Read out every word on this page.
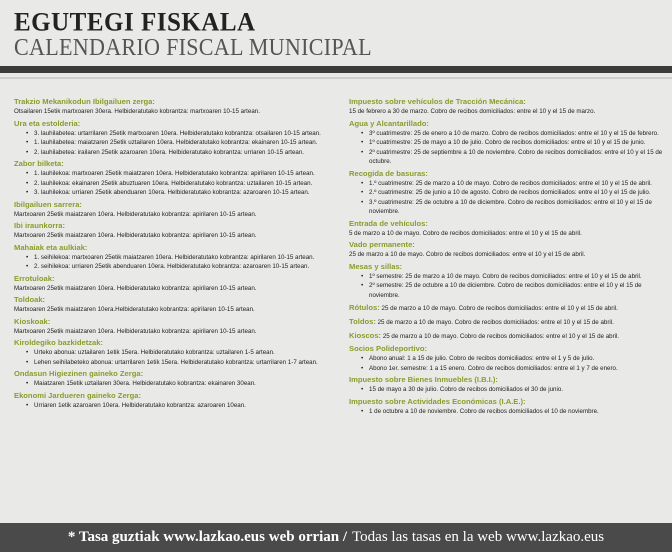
EGUTEGI FISKALA
CALENDARIO FISCAL MUNICIPAL
Trakzio Mekanikodun Ibilgailuen zerga:
Otsailaren 15etik martxoaren 30era. Helbideratutako kobrantza: martxoaren 10-15 artean.
Ura eta estolderia:
• 3. lauhilabetea: urtarrilaren 25etik martxoaren 10era. Helbideratutako kobrantza: otsailaren 10-15 artean.
• 1. lauhilabetea: maiatzaren 25etik uztailaren 10era. Helbideratutako kobrantza: ekainaren 10-15 artean.
• 2. lauhilabetea: irailaren 25etik azaroaren 10era. Helbideratutako kobrantza: urriaren 10-15 artean.
Zabor bilketa:
• 1. lauhilekoa: martxoaren 25etik maiatzaren 10era. Helbideratutako kobrantza: apirilaren 10-15 artean.
• 2. lauhilekoa: ekainaren 25etik abuztuaren 10era. Helbideratutako kobrantza: uztailaren 10-15 artean.
• 3. lauhilekoa: urriaren 25etik abenduaren 10era. Helbideratutako kobrantza: azaroaren 10-15 artean.
Ibilgailuen sarrera:
Martxoaren 25etik maiatzaren 10era. Helbideratutako kobrantza: apirilaren 10-15 artean.
Ibi iraunkorra:
Martxoaren 25etik maiatzaren 10era. Helbideratutako kobrantza: apirilaren 10-15 artean.
Mahaiak eta aulkiak:
• 1. seihilekoa: martxoaren 25etik maiatzaren 10era. Helbideratutako kobrantza: apirilaren 10-15 artean.
• 2. seihilekoa: urriaren 25etik abenduaren 10era. Helbideratutako kobrantza: azaroaren 10-15 artean.
Errotuloak:
Martxoaren 25etik maiatzaren 10era. Helbideratutako kobrantza: apirilaren 10-15 artean.
Toldoak:
Martxoaren 25etik maiatzaren 10era.Helbideratutako kobrantza: apirilaren 10-15 artean.
Kioskoak:
Martxoaren 25etik maiatzaren 10era. Helbideratutako kobrantza: apirilaren 10-15 artean.
Kiroldegiko bazkidetzak:
• Urteko abonua: uztailaren 1etik 15era. Helbideratutako kobrantza: uztailaren 1-5 artean.
• Lehen seihilabeteko abonua: urtarrilaren 1etik 15era. Helbideratutako kobrantza: urtarrilaren 1-7 artean.
Ondasun Higiezinen gaineko Zerga:
• Maiatzaren 15etik uztailaren 30era. Helbideratutako kobrantza: ekainaren 30ean.
Ekonomi Jardueren gaineko Zerga:
• Urriaren 1etik azaroaren 10era. Helbideratutako kobrantza: azaroaren 10ean.
Impuesto sobre vehículos de Tracción Mecánica:
15 de febrero a 30 de marzo. Cobro de recibos domiciliados: entre el 10 y el 15 de marzo.
Agua y Alcantarillado:
• 3º cuatrimestre: 25 de enero a 10 de marzo. Cobro de recibos domiciliados: entre el 10 y el 15 de febrero.
• 1º cuatrimestre: 25 de mayo a 10 de julio. Cobro de recibos domiciliados: entre el 10 y el 15 de junio.
• 2º cuatrimestre: 25 de septiembre a 10 de noviembre. Cobro de recibos domiciliados: entre el 10 y el 15 de octubre.
Recogida de basuras:
• 1.º cuatrimestre: 25 de marzo a 10 de mayo. Cobro de recibos domiciliados: entre el 10 y el 15 de abril.
• 2.º cuatrimestre: 25 de junio a 10 de agosto. Cobro de recibos domiciliados: entre el 10 y el 15 de julio.
• 3.º cuatrimestre: 25 de octubre a 10 de diciembre. Cobro de recibos domiciliados: entre el 10 y el 15 de noviembre.
Entrada de vehículos:
5 de marzo a 10 de mayo. Cobro de recibos domiciliados: entre el 10 y el 15 de abril.
Vado permanente:
25 de marzo a 10 de mayo. Cobro de recibos domiciliados: entre el 10 y el 15 de abril.
Mesas y sillas:
• 1º semestre: 25 de marzo a 10 de mayo. Cobro de recibos domiciliados: entre el 10 y el 15 de abril.
• 2º semestre: 25 de octubre a 10 de diciembre. Cobro de recibos domiciliados: entre el 10 y el 15 de noviembre.
Rótulos: 25 de marzo a 10 de mayo. Cobro de recibos domiciliados: entre el 10 y el 15 de abril.
Toldos: 25 de marzo a 10 de mayo. Cobro de recibos domiciliados: entre el 10 y el 15 de abril.
Kioscos: 25 de marzo a 10 de mayo. Cobro de recibos domiciliados: entre el 10 y el 15 de abril.
Socios Polideportivo:
• Abono anual: 1 a 15 de julio. Cobro de recibos domiciliados: entre el 1 y 5 de julio.
• Abono 1er. semestre: 1 a 15 enero. Cobro de recibos domiciliados: entre el 1 y 7 de enero.
Impuesto sobre Bienes Inmuebles (I.B.I.):
• 15 de mayo a 30 de julio. Cobro de recibos domiciliados el 30 de junio.
Impuesto sobre Actividades Económicas (I.A.E.):
• 1 de octubre a 10 de noviembre. Cobro de recibos domiciliados el 10 de noviembre.
* Tasa guztiak www.lazkao.eus web orrian / Todas las tasas en la web www.lazkao.eus
